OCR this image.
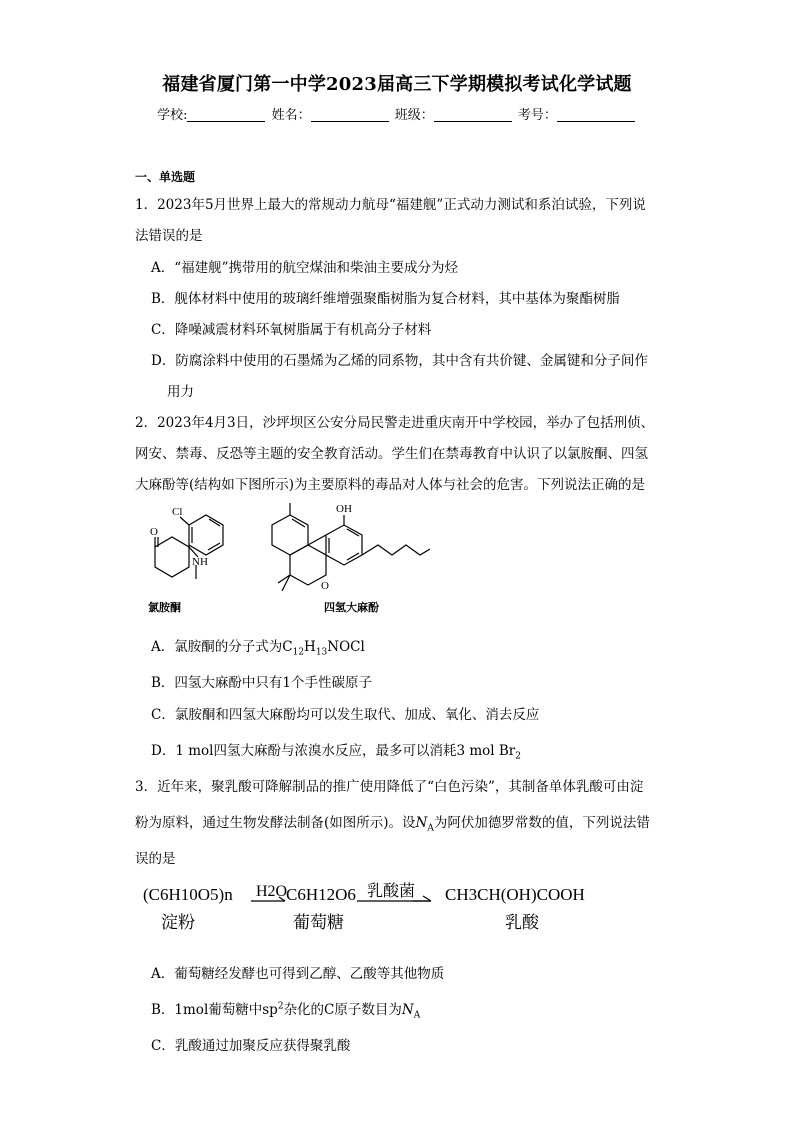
福建省厦门第一中学2023届高三下学期模拟考试化学试题
学校:	姓名：	班级：	考号：
一、单选题
1．2023年5月世界上最大的常规动力航母“福建舰”正式动力测试和系泊试验，下列说
法错误的是
A．“福建舰”携带用的航空煤油和柴油主要成分为烃
B．舰体材料中使用的玻璃纤维增强聚酯树脂为复合材料，其中基体为聚酯树脂
C．降噪减震材料环氧树脂属于有机高分子材料
D．防腐涂料中使用的石墨烯为乙烯的同系物，其中含有共价键、金属键和分子间作
用力
2．2023年4月3日，沙坪坝区公安分局民警走进重庆南开中学校园，举办了包括刑侦、
网安、禁毒、反恐等主题的安全教育活动。学生们在禁毒教育中认识了以氯胺酮、四氢
大麻酚等(结构如下图所示)为主要原料的毒品对人体与社会的危害。下列说法正确的是
Cl
O
NH
OH
O
氯胺酮	四氢大麻酚
A．氯胺酮的分子式为$C_{12}H_{13}NOCl$
B．四氢大麻酚中只有1个手性碳原子
C．氯胺酮和四氢大麻酚均可以发生取代、加成、氧化、消去反应
D．1 mol四氢大麻酚与浓溴水反应，最多可以消耗3 mol $Br_2$
3．近年来，聚乳酸可降解制品的推广使用降低了“白色污染”，其制备单体乳酸可由淀
粉为原料，通过生物发酵法制备(如图所示)。设$N_A$为阿伏加德罗常数的值，下列说法错
误的是
(C6H10O5)n H2O
C6H12O6 乳酸菌 CH3CH(OH)COOH
淀粉	葡萄糖	乳酸
A．葡萄糖经发酵也可得到乙醇、乙酸等其他物质
B．1mol葡萄糖中$sp^2$杂化的C原子数目为$N_A$
C．乳酸通过加聚反应获得聚乳酸
